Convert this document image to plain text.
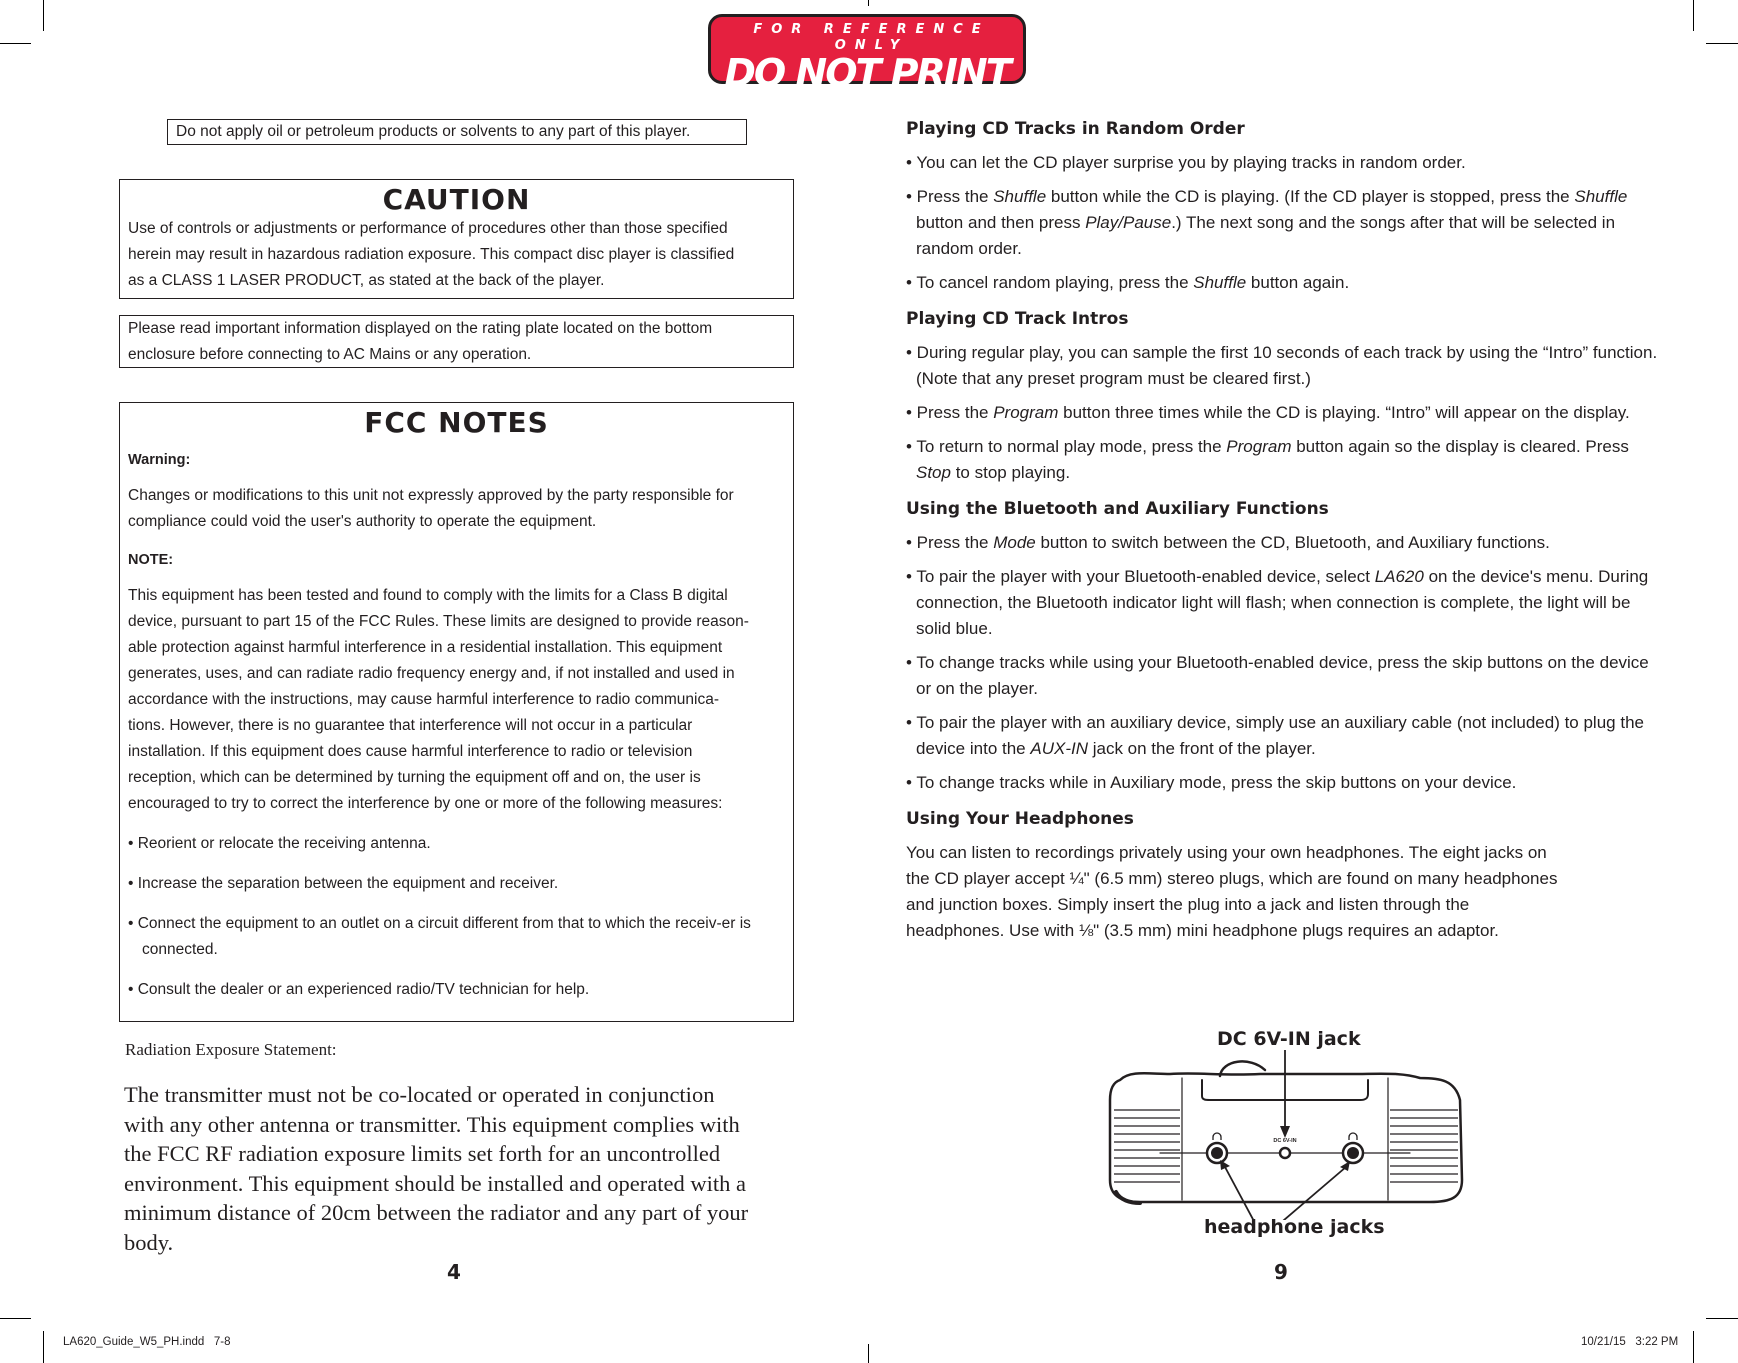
FOR REFERENCE ONLY
DO NOT PRINT
Do not apply oil or petroleum products or solvents to any part of this player.
CAUTION
Use of controls or adjustments or performance of procedures other than those specified
herein may result in hazardous radiation exposure. This compact disc player is classified
as a CLASS 1 LASER PRODUCT, as stated at the back of the player.
Please read important information displayed on the rating plate located on the bottom
enclosure before connecting to AC Mains or any operation.
FCC NOTES

Warning:

Changes or modifications to this unit not expressly approved by the party responsible for

compliance could void the user's authority to operate the equipment.

NOTE:

This equipment has been tested and found to comply with the limits for a Class B digital

device, pursuant to part 15 of the FCC Rules. These limits are designed to provide reason-

able protection against harmful interference in a residential installation. This equipment

generates, uses, and can radiate radio frequency energy and, if not installed and used in

accordance with the instructions, may cause harmful interference to radio communica-

tions. However, there is no guarantee that interference will not occur in a particular

installation. If this equipment does cause harmful interference to radio or television

reception, which can be determined by turning the equipment off and on, the user is

encouraged to try to correct the interference by one or more of the following measures:

• Reorient or relocate the receiving antenna.

• Increase the separation between the equipment and receiver.

• Connect the equipment to an outlet on a circuit different from that to which the receiv-er is connected.

• Consult the dealer or an experienced radio/TV technician for help.

Radiation Exposure Statement:
The transmitter must not be co-located or operated in conjunction
with any other antenna or transmitter. This equipment complies with
the FCC RF radiation exposure limits set forth for an uncontrolled
environment. This equipment should be installed and operated with a
minimum distance of 20cm between the radiator and any part of your
body.
4
Playing CD Tracks in Random Order
• You can let the CD player surprise you by playing tracks in random order.
• Press the Shuffle button while the CD is playing. (If the CD player is stopped, press the Shuffle button and then press Play/Pause.) The next song and the songs after that will be selected in random order.
• To cancel random playing, press the Shuffle button again.
Playing CD Track Intros
• During regular play, you can sample the first 10 seconds of each track by using the “Intro” function. (Note that any preset program must be cleared first.)
• Press the Program button three times while the CD is playing. “Intro” will appear on the display.
• To return to normal play mode, press the Program button again so the display is cleared. Press Stop to stop playing.
Using the Bluetooth and Auxiliary Functions
• Press the Mode button to switch between the CD, Bluetooth, and Auxiliary functions.
• To pair the player with your Bluetooth-enabled device, select LA620 on the device's menu. During connection, the Bluetooth indicator light will flash; when connection is complete, the light will be solid blue.
• To change tracks while using your Bluetooth-enabled device, press the skip buttons on the device or on the player.
• To pair the player with an auxiliary device, simply use an auxiliary cable (not included) to plug the device into the AUX-IN jack on the front of the player.
• To change tracks while in Auxiliary mode, press the skip buttons on your device.
Using Your Headphones
You can listen to recordings privately using your own headphones. The eight jacks on
the CD player accept ¼" (6.5 mm) stereo plugs, which are found on many headphones
and junction boxes. Simply insert the plug into a jack and listen through the
headphones. Use with ⅛" (3.5 mm) mini headphone plugs requires an adaptor.
DC 6V-IN jack
DC 6V-IN
headphone jacks
9
LA620_Guide_W5_PH.indd   7-8	10/21/15   3:22 PM
